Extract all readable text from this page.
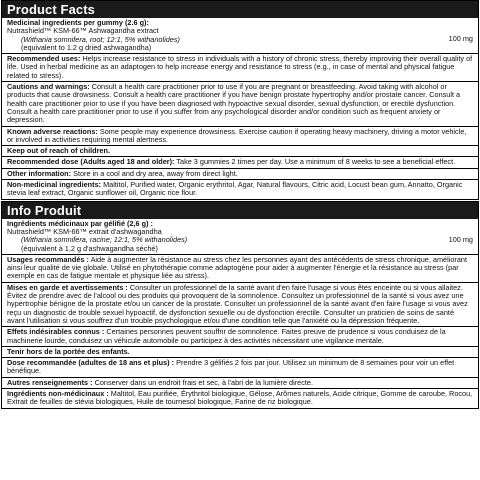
Product Facts
Medicinal ingredients per gummy (2.6 g):
Nutrashield™ KSM-66™ Ashwagandha extract
(Withania somnifera, root; 12:1, 5% withanolides)
(equivalent to 1.2 g dried ashwagandha)
100 mg
Recommended uses: Helps increase resistance to stress in individuals with a history of chronic stress, thereby improving their overall quality of life. Used in herbal medicine as an adaptogen to help increase energy and resistance to stress (e.g., in case of mental and physical fatigue related to stress).
Cautions and warnings: Consult a health care practitioner prior to use if you are pregnant or breastfeeding. Avoid taking with alcohol or products that cause drowsiness. Consult a health care practitioner if you have benign prostate hypertrophy and/or prostate cancer. Consult a health care practitioner prior to use if you have been diagnosed with hypoactive sexual disorder, sexual dysfunction, or erectile dysfunction. Consult a health care practitioner prior to use if you suffer from any psychological disorder and/or condition such as frequent anxiety or depression.
Known adverse reactions: Some people may experience drowsiness. Exercise caution if operating heavy machinery, driving a motor vehicle, or involved in activities requiring mental alertness.
Keep out of reach of children.
Recommended dose (Adults aged 18 and older): Take 3 gummies 2 times per day. Use a minimum of 8 weeks to see a beneficial effect.
Other information: Store in a cool and dry area, away from direct light.
Non-medicinal ingredients: Maltitol, Purified water, Organic erythritol, Agar, Natural flavours, Citric acid, Locust bean gum, Annatto, Organic stevia leaf extract, Organic sunflower oil, Organic rice flour.
Info Produit
Ingrédients médicinaux par gélifié (2,6 g) :
Nutrashield™ KSM-66™ extrait d'ashwagandha
(Withania somnifera, racine; 12:1, 5% withanolides)
(équivalent à 1,2 g d'ashwagandha séché)
100 mg
Usages recommandés : Aide à augmenter la résistance au stress chez les personnes ayant des antécédents de stress chronique, améliorant ainsi leur qualité de vie globale. Utilisé en phytothérapie comme adaptogène pour aider à augmenter l'énergie et la résistance au stress (par exemple en cas de fatigue mentale et physique liée au stress).
Mises en garde et avertissements : Consulter un professionnel de la santé avant d'en faire l'usage si vous êtes enceinte ou si vous allaitez. Évitez de prendre avec de l'alcool ou des produits qui provoquent de la somnolence. Consultez un professionnel de la santé si vous avez une hypertrophie bénigne de la prostate et/ou un cancer de la prostate. Consulter un professionnel de la santé avant d'en faire l'usage si vous avez reçu un diagnostic de trouble sexuel hypoactif, de dysfonction sexuelle ou de dysfonction érectile. Consulter un praticien de soins de santé avant l'utilisation si vous souffrez d'un trouble psychologique et/ou d'une condition telle que l'anxiété ou la dépression fréquente.
Effets indésirables connus : Certaines personnes peuvent souffrir de somnolence. Faites preuve de prudence si vous conduisez de la machinerie lourde, conduisez un véhicule automobile ou participez à des activités nécessitant une vigilance mentale.
Tenir hors de la portée des enfants.
Dose recommandée (adultes de 18 ans et plus) : Prendre 3 gélifiés 2 fois par jour. Utilisez un minimum de 8 semaines pour voir un effet bénéfique.
Autres renseignements : Conserver dans un endroit frais et sec, à l'abri de la lumière directe.
Ingrédients non-médicinaux : Maltitol, Eau purifiée, Érythritol biologique, Gélose, Arômes naturels, Acide citrique, Gomme de caroube, Rocou, Extrait de feuilles de stévia biologiques, Huile de tournesol biologique, Farine de riz biologique.
